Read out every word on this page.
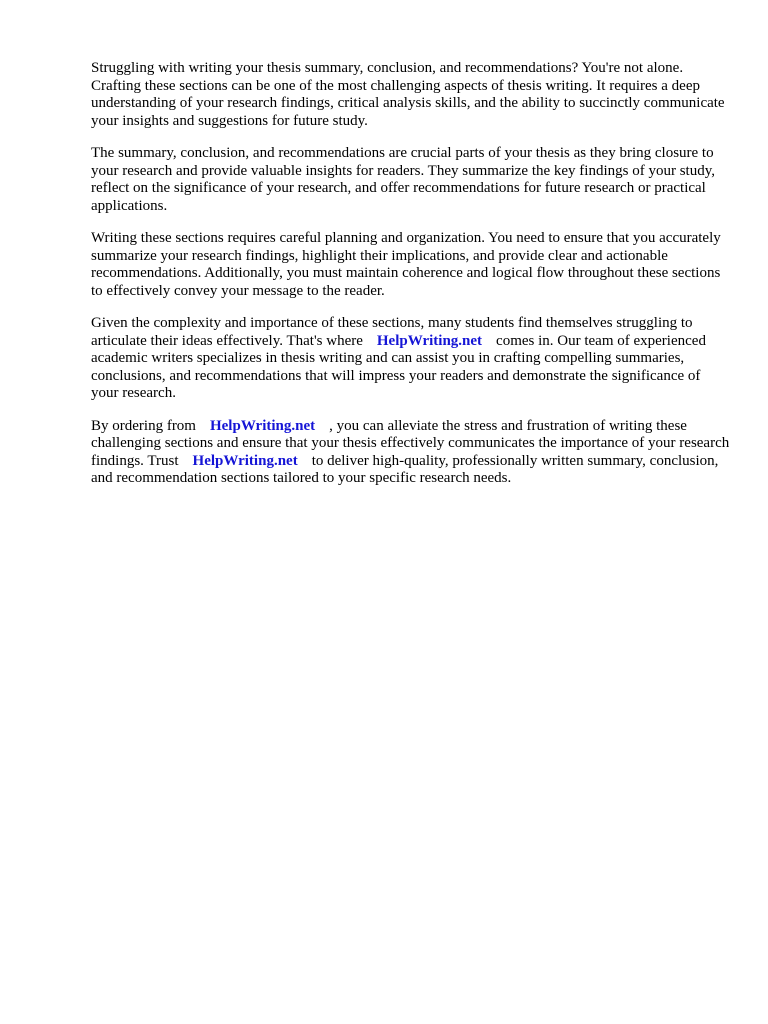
Struggling with writing your thesis summary, conclusion, and recommendations? You're not alone. Crafting these sections can be one of the most challenging aspects of thesis writing. It requires a deep understanding of your research findings, critical analysis skills, and the ability to succinctly communicate your insights and suggestions for future study.

The summary, conclusion, and recommendations are crucial parts of your thesis as they bring closure to your research and provide valuable insights for readers. They summarize the key findings of your study, reflect on the significance of your research, and offer recommendations for future research or practical applications.

Writing these sections requires careful planning and organization. You need to ensure that you accurately summarize your research findings, highlight their implications, and provide clear and actionable recommendations. Additionally, you must maintain coherence and logical flow throughout these sections to effectively convey your message to the reader.

Given the complexity and importance of these sections, many students find themselves struggling to articulate their ideas effectively. That's where HelpWriting.net comes in. Our team of experienced academic writers specializes in thesis writing and can assist you in crafting compelling summaries, conclusions, and recommendations that will impress your readers and demonstrate the significance of your research.

By ordering from HelpWriting.net , you can alleviate the stress and frustration of writing these challenging sections and ensure that your thesis effectively communicates the importance of your research findings. Trust HelpWriting.net to deliver high-quality, professionally written summary, conclusion, and recommendation sections tailored to your specific research needs.
